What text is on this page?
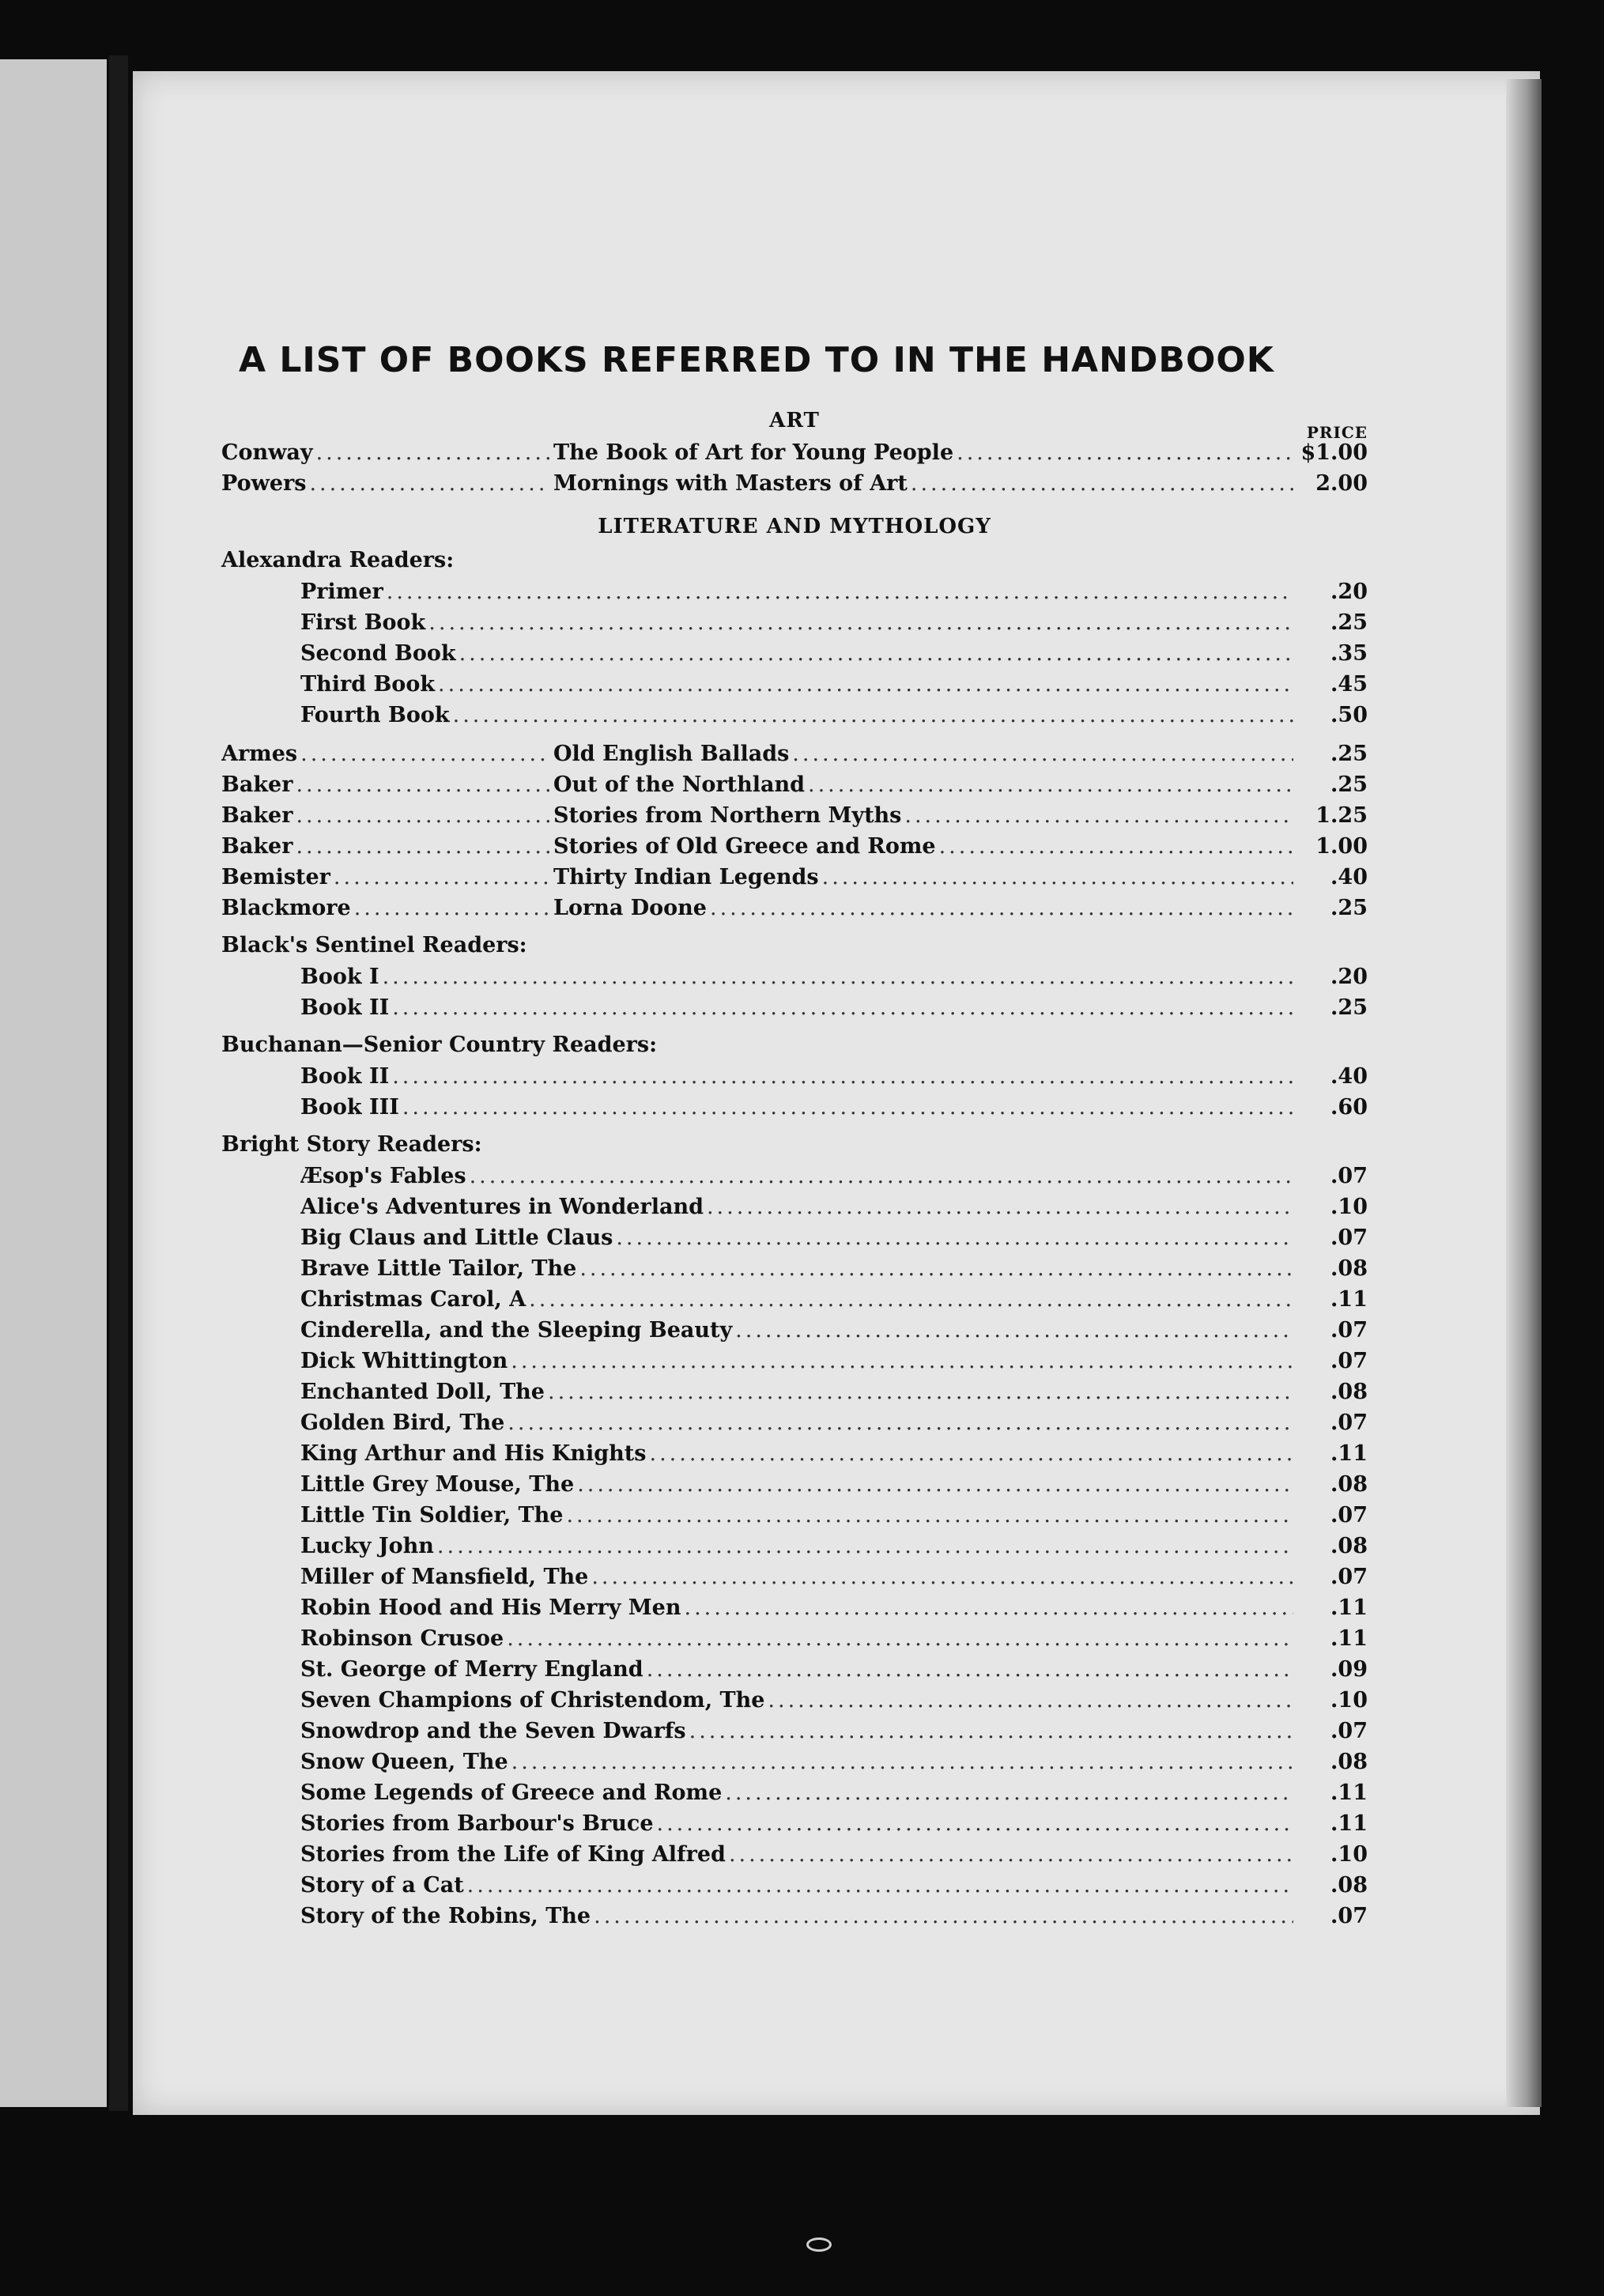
A LIST OF BOOKS REFERRED TO IN THE HANDBOOK
ART	PRICE
Conway .....	The Book of Art for Young People .....	$1.00
Powers .....	Mornings with Masters of Art .....	2.00
LITERATURE AND MYTHOLOGY
Alexandra Readers:
Primer .....	.20
First Book .....	.25
Second Book .....	.35
Third Book .....	.45
Fourth Book .....	.50
Armes .....	Old English Ballads .....	.25
Baker .....	Out of the Northland .....	.25
Baker .....	Stories from Northern Myths .....	1.25
Baker .....	Stories of Old Greece and Rome .....	1.00
Bemister .....	Thirty Indian Legends .....	.40
Blackmore .....	Lorna Doone .....	.25
Black's Sentinel Readers:
Book I .....	.20
Book II .....	.25
Buchanan—Senior Country Readers:
Book II .....	.40
Book III .....	.60
Bright Story Readers:
Æsop's Fables .....	.07
Alice's Adventures in Wonderland .....	.10
Big Claus and Little Claus .....	.07
Brave Little Tailor, The .....	.08
Christmas Carol, A .....	.11
Cinderella, and the Sleeping Beauty .....	.07
Dick Whittington .....	.07
Enchanted Doll, The .....	.08
Golden Bird, The .....	.07
King Arthur and His Knights .....	.11
Little Grey Mouse, The .....	.08
Little Tin Soldier, The .....	.07
Lucky John .....	.08
Miller of Mansfield, The .....	.07
Robin Hood and His Merry Men .....	.11
Robinson Crusoe .....	.11
St. George of Merry England .....	.09
Seven Champions of Christendom, The .....	.10
Snowdrop and the Seven Dwarfs .....	.07
Snow Queen, The .....	.08
Some Legends of Greece and Rome .....	.11
Stories from Barbour's Bruce .....	.11
Stories from the Life of King Alfred .....	.10
Story of a Cat .....	.08
Story of the Robins, The .....	.07
